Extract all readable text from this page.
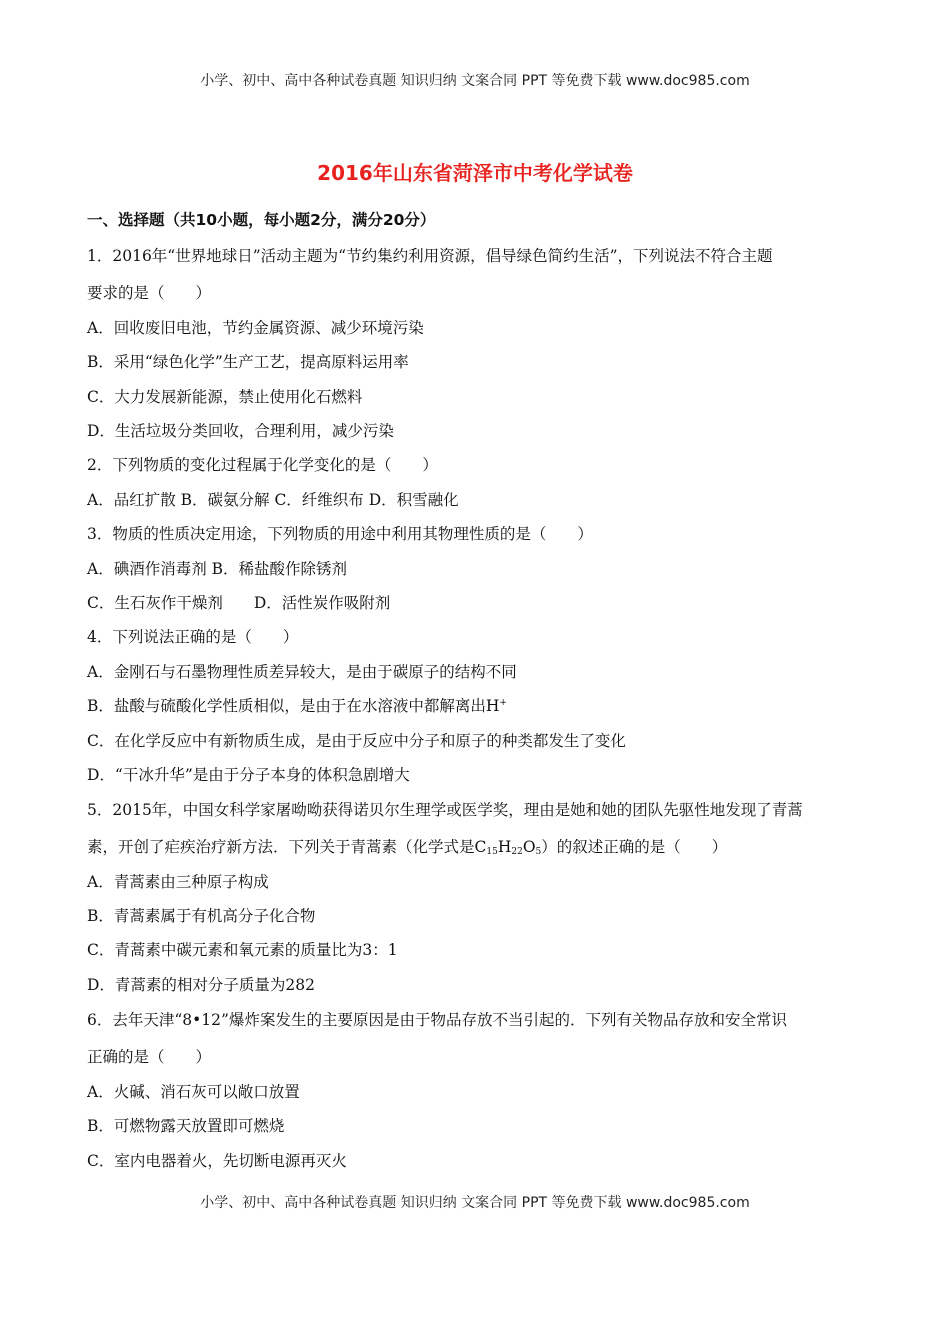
小学、初中、高中各种试卷真题 知识归纳 文案合同 PPT 等免费下载 www.doc985.com
2016年山东省菏泽市中考化学试卷
一、选择题（共10小题，每小题2分，满分20分）
1．2016年“世界地球日”活动主题为“节约集约利用资源，倡导绿色简约生活”，下列说法不符合主题
要求的是（　　）
A．回收废旧电池，节约金属资源、减少环境污染
B．采用“绿色化学”生产工艺，提高原料运用率
C．大力发展新能源，禁止使用化石燃料
D．生活垃圾分类回收，合理利用，减少污染
2．下列物质的变化过程属于化学变化的是（　　）
A．品红扩散 B．碳氨分解 C．纤维织布 D．积雪融化
3．物质的性质决定用途，下列物质的用途中利用其物理性质的是（　　）
A．碘酒作消毒剂 B．稀盐酸作除锈剂
C．生石灰作干燥剂　　D．活性炭作吸附剂
4．下列说法正确的是（　　）
A．金刚石与石墨物理性质差异较大，是由于碳原子的结构不同
B．盐酸与硫酸化学性质相似，是由于在水溶液中都解离出H+
C．在化学反应中有新物质生成，是由于反应中分子和原子的种类都发生了变化
D．“干冰升华”是由于分子本身的体积急剧增大
5．2015年，中国女科学家屠呦呦获得诺贝尔生理学或医学奖，理由是她和她的团队先驱性地发现了青蒿
素，开创了疟疾治疗新方法．下列关于青蒿素（化学式是$C_{15}H_{22}O_5$）的叙述正确的是（　　）
A．青蒿素由三种原子构成
B．青蒿素属于有机高分子化合物
C．青蒿素中碳元素和氧元素的质量比为3：1
D．青蒿素的相对分子质量为282
6．去年天津“8•12”爆炸案发生的主要原因是由于物品存放不当引起的．下列有关物品存放和安全常识
正确的是（　　）
A．火碱、消石灰可以敞口放置
B．可燃物露天放置即可燃烧
C．室内电器着火，先切断电源再灭火
小学、初中、高中各种试卷真题 知识归纳 文案合同 PPT 等免费下载 www.doc985.com
